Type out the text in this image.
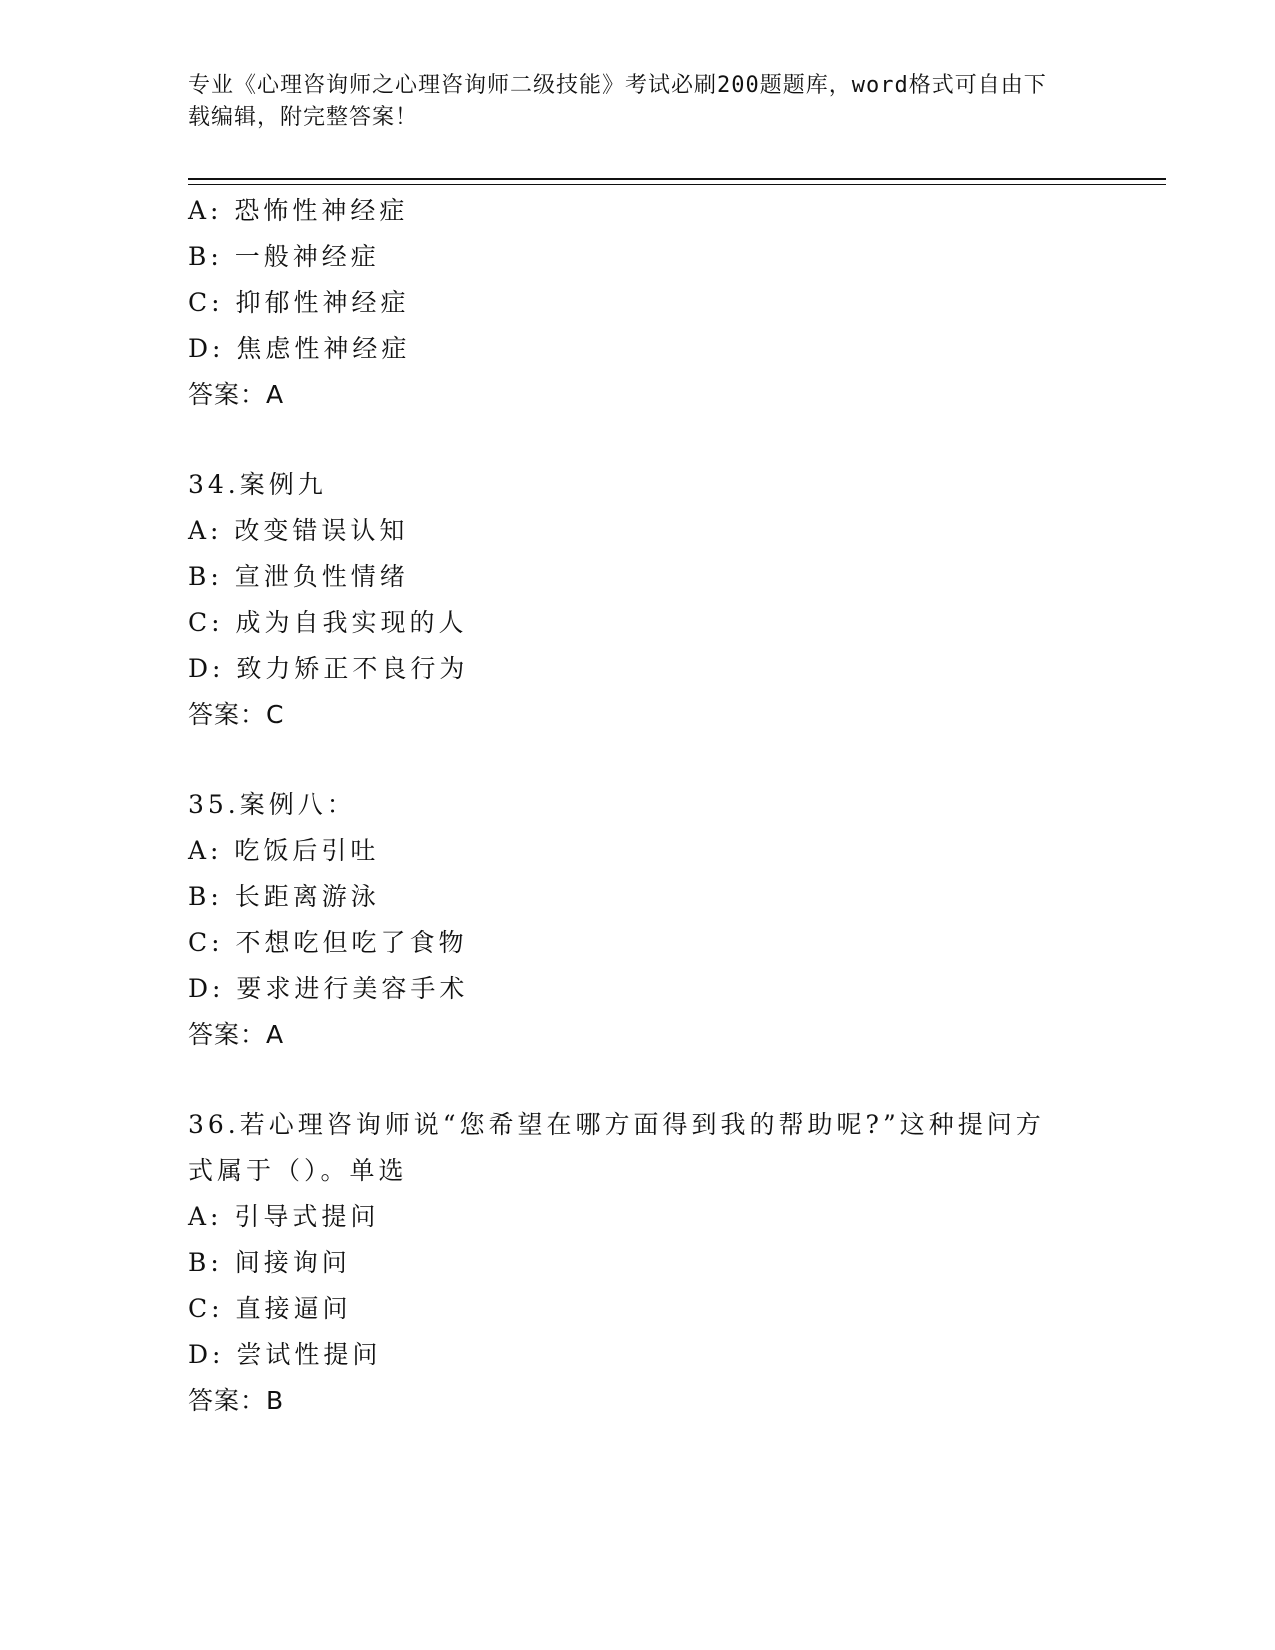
专业《心理咨询师之心理咨询师二级技能》考试必刷200题题库，word格式可自由下载编辑，附完整答案！
A: 恐怖性神经症
B: 一般神经症
C: 抑郁性神经症
D: 焦虑性神经症
答案：A
34.案例九
A: 改变错误认知
B: 宣泄负性情绪
C: 成为自我实现的人
D: 致力矫正不良行为
答案：C
35.案例八：
A: 吃饭后引吐
B: 长距离游泳
C: 不想吃但吃了食物
D: 要求进行美容手术
答案：A
36.若心理咨询师说“您希望在哪方面得到我的帮助呢?”这种提问方式属于（）。单选
A: 引导式提问
B: 间接询问
C: 直接逼问
D: 尝试性提问
答案：B
